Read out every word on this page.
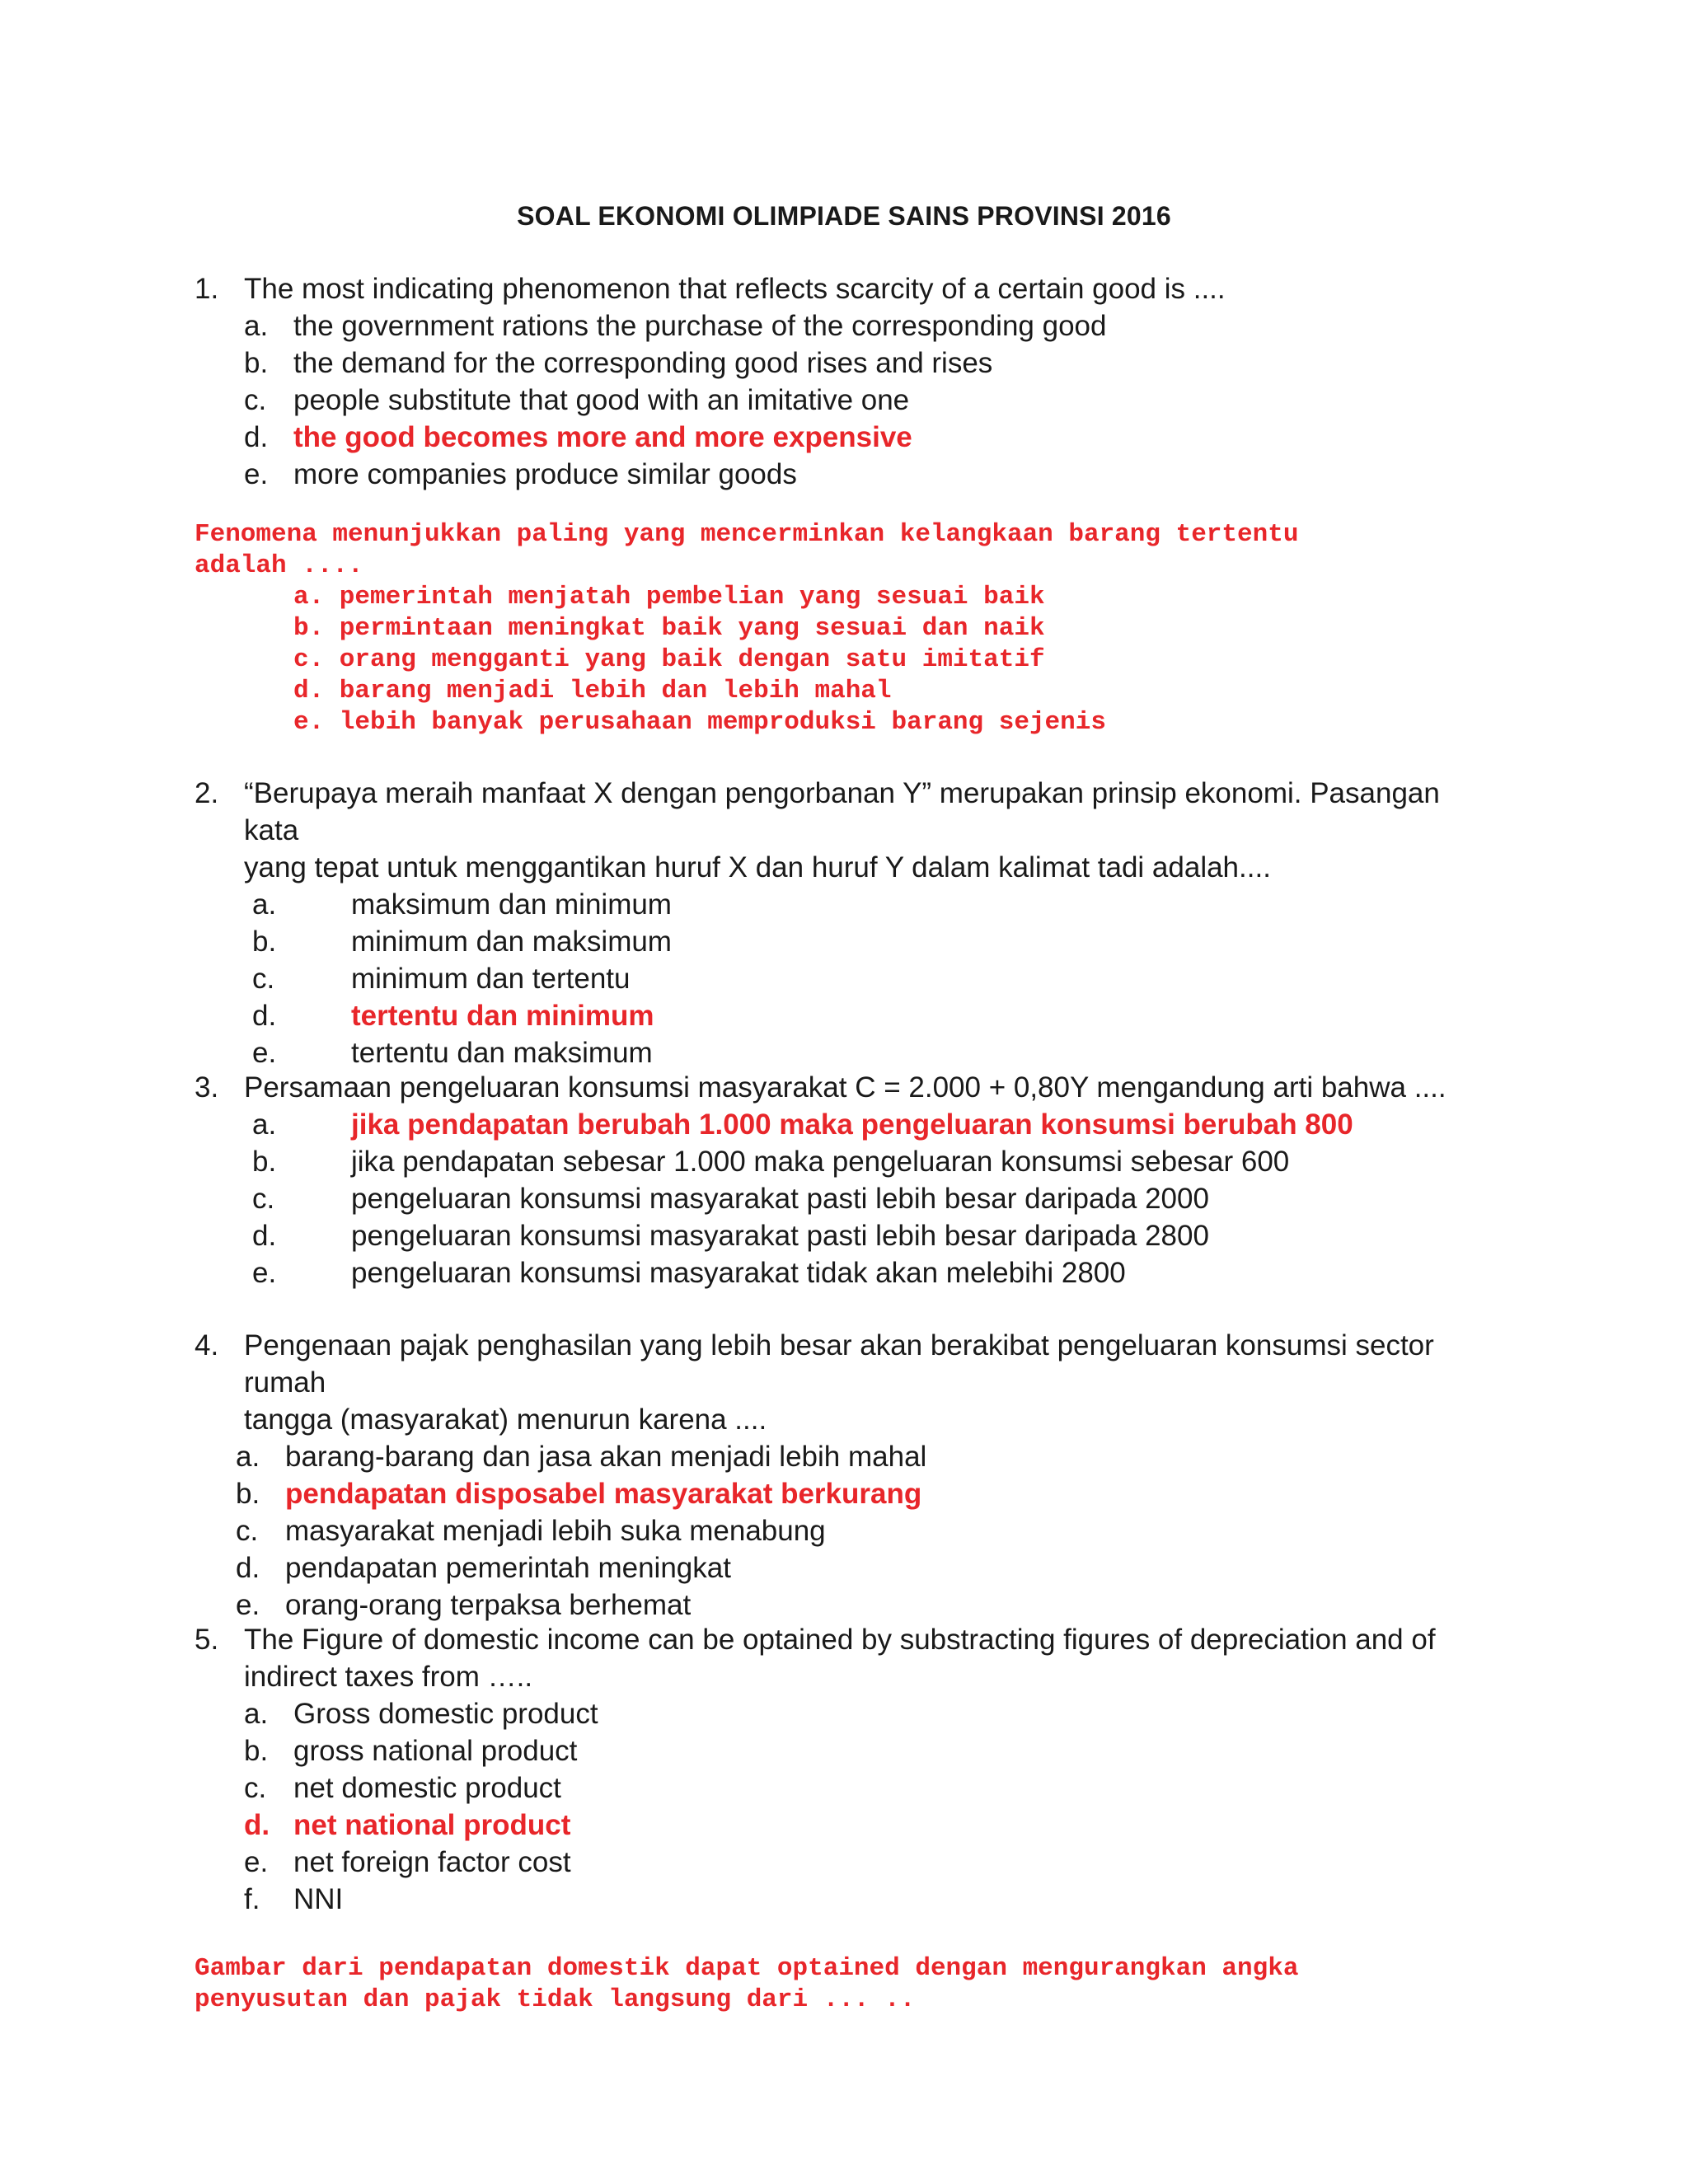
SOAL EKONOMI OLIMPIADE SAINS PROVINSI 2016
1. The most indicating phenomenon that reflects scarcity of a certain good is ....
a. the government rations the purchase of the corresponding good
b. the demand for the corresponding good rises and rises
c. people substitute that good with an imitative one
d. the good becomes more and more expensive
e. more companies produce similar goods
Fenomena menunjukkan paling yang mencerminkan kelangkaan barang tertentu
adalah ....
a. pemerintah menjatah pembelian yang sesuai baik
b. permintaan meningkat baik yang sesuai dan naik
c. orang mengganti yang baik dengan satu imitatif
d. barang menjadi lebih dan lebih mahal
e. lebih banyak perusahaan memproduksi barang sejenis
2. “Berupaya meraih manfaat X dengan pengorbanan Y” merupakan prinsip ekonomi. Pasangan kata
yang tepat untuk menggantikan huruf X dan huruf Y dalam kalimat tadi adalah....
a.	maksimum dan minimum
b.	minimum dan maksimum
c.	minimum dan tertentu
d.	tertentu dan minimum
e.	tertentu dan maksimum
3. Persamaan pengeluaran konsumsi masyarakat C = 2.000 + 0,80Y mengandung arti bahwa ....
a.	jika pendapatan berubah 1.000 maka pengeluaran konsumsi berubah 800
b.	jika pendapatan sebesar 1.000 maka pengeluaran konsumsi sebesar 600
c.	pengeluaran konsumsi masyarakat pasti lebih besar daripada 2000
d.	pengeluaran konsumsi masyarakat pasti lebih besar daripada 2800
e.	pengeluaran konsumsi masyarakat tidak akan melebihi 2800
4. Pengenaan pajak penghasilan yang lebih besar akan berakibat pengeluaran konsumsi sector rumah
tangga (masyarakat) menurun karena ....
a. barang-barang dan jasa akan menjadi lebih mahal
b. pendapatan disposabel masyarakat berkurang
c. masyarakat menjadi lebih suka menabung
d. pendapatan pemerintah meningkat
e. orang-orang terpaksa berhemat
5. The Figure of domestic income can be optained by substracting figures of depreciation and of
indirect taxes from …..
a. Gross domestic product
b. gross national product
c. net domestic product
d. net national product
e. net foreign factor cost
f.	NNI
Gambar dari pendapatan domestik dapat optained dengan mengurangkan angka
penyusutan dan pajak tidak langsung dari ... ..
